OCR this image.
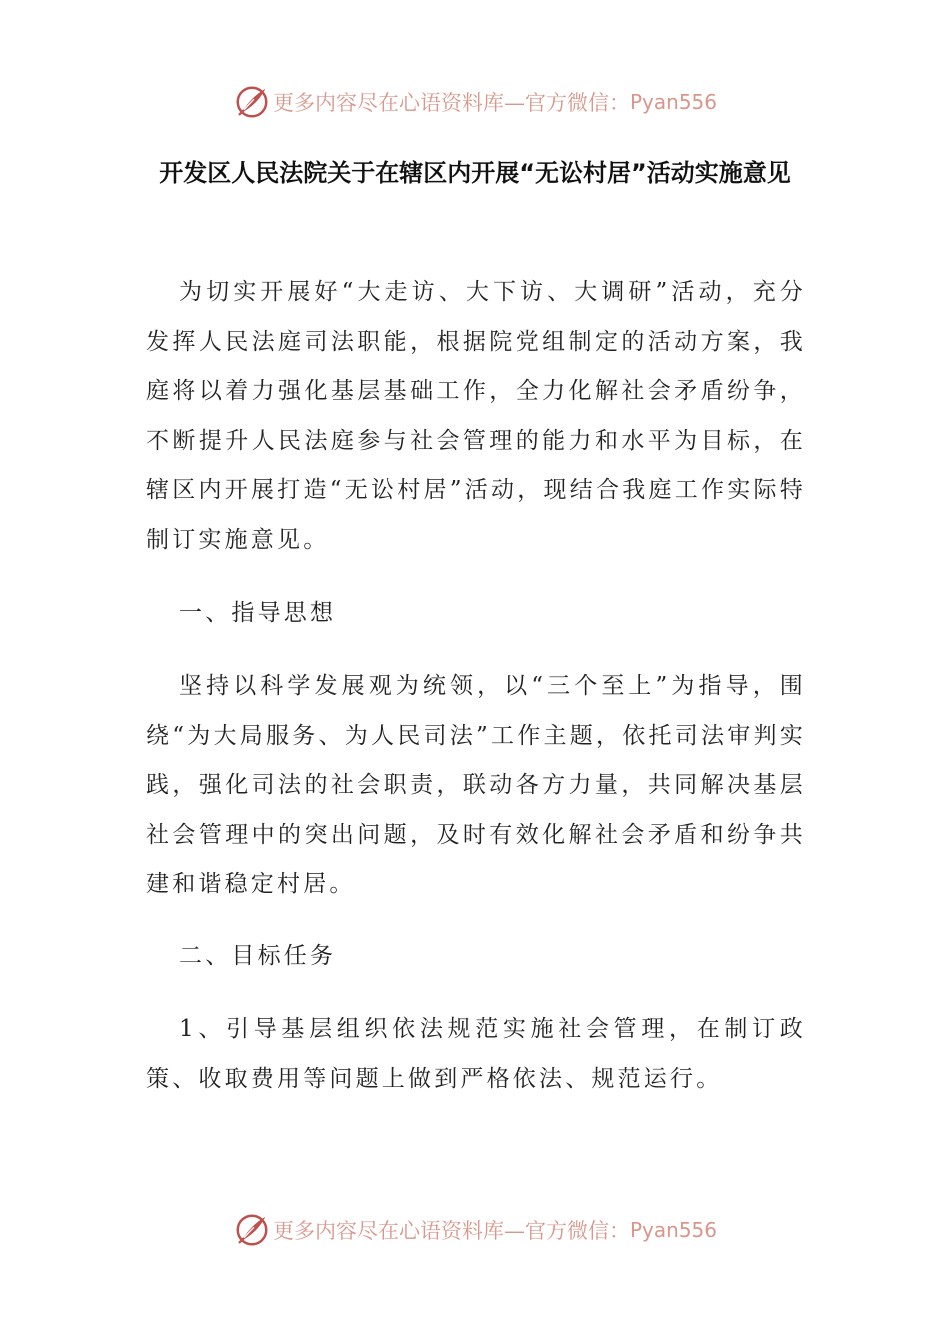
更多内容尽在心语资料库—官方微信： Pyan556
开发区人民法院关于在辖区内开展“无讼村居”活动实施意见

为切实开展好“大走访、大下访、大调研”活动，充分发挥人民法庭司法职能，根据院党组制定的活动方案，我庭将以着力强化基层基础工作，全力化解社会矛盾纷争，不断提升人民法庭参与社会管理的能力和水平为目标，在辖区内开展打造“无讼村居”活动，现结合我庭工作实际特制订实施意见。

一、指导思想

坚持以科学发展观为统领，以“三个至上”为指导，围绕“为大局服务、为人民司法”工作主题，依托司法审判实践，强化司法的社会职责，联动各方力量，共同解决基层社会管理中的突出问题，及时有效化解社会矛盾和纷争共建和谐稳定村居。

二、目标任务

1、引导基层组织依法规范实施社会管理，在制订政策、收取费用等问题上做到严格依法、规范运行。

更多内容尽在心语资料库—官方微信： Pyan556
